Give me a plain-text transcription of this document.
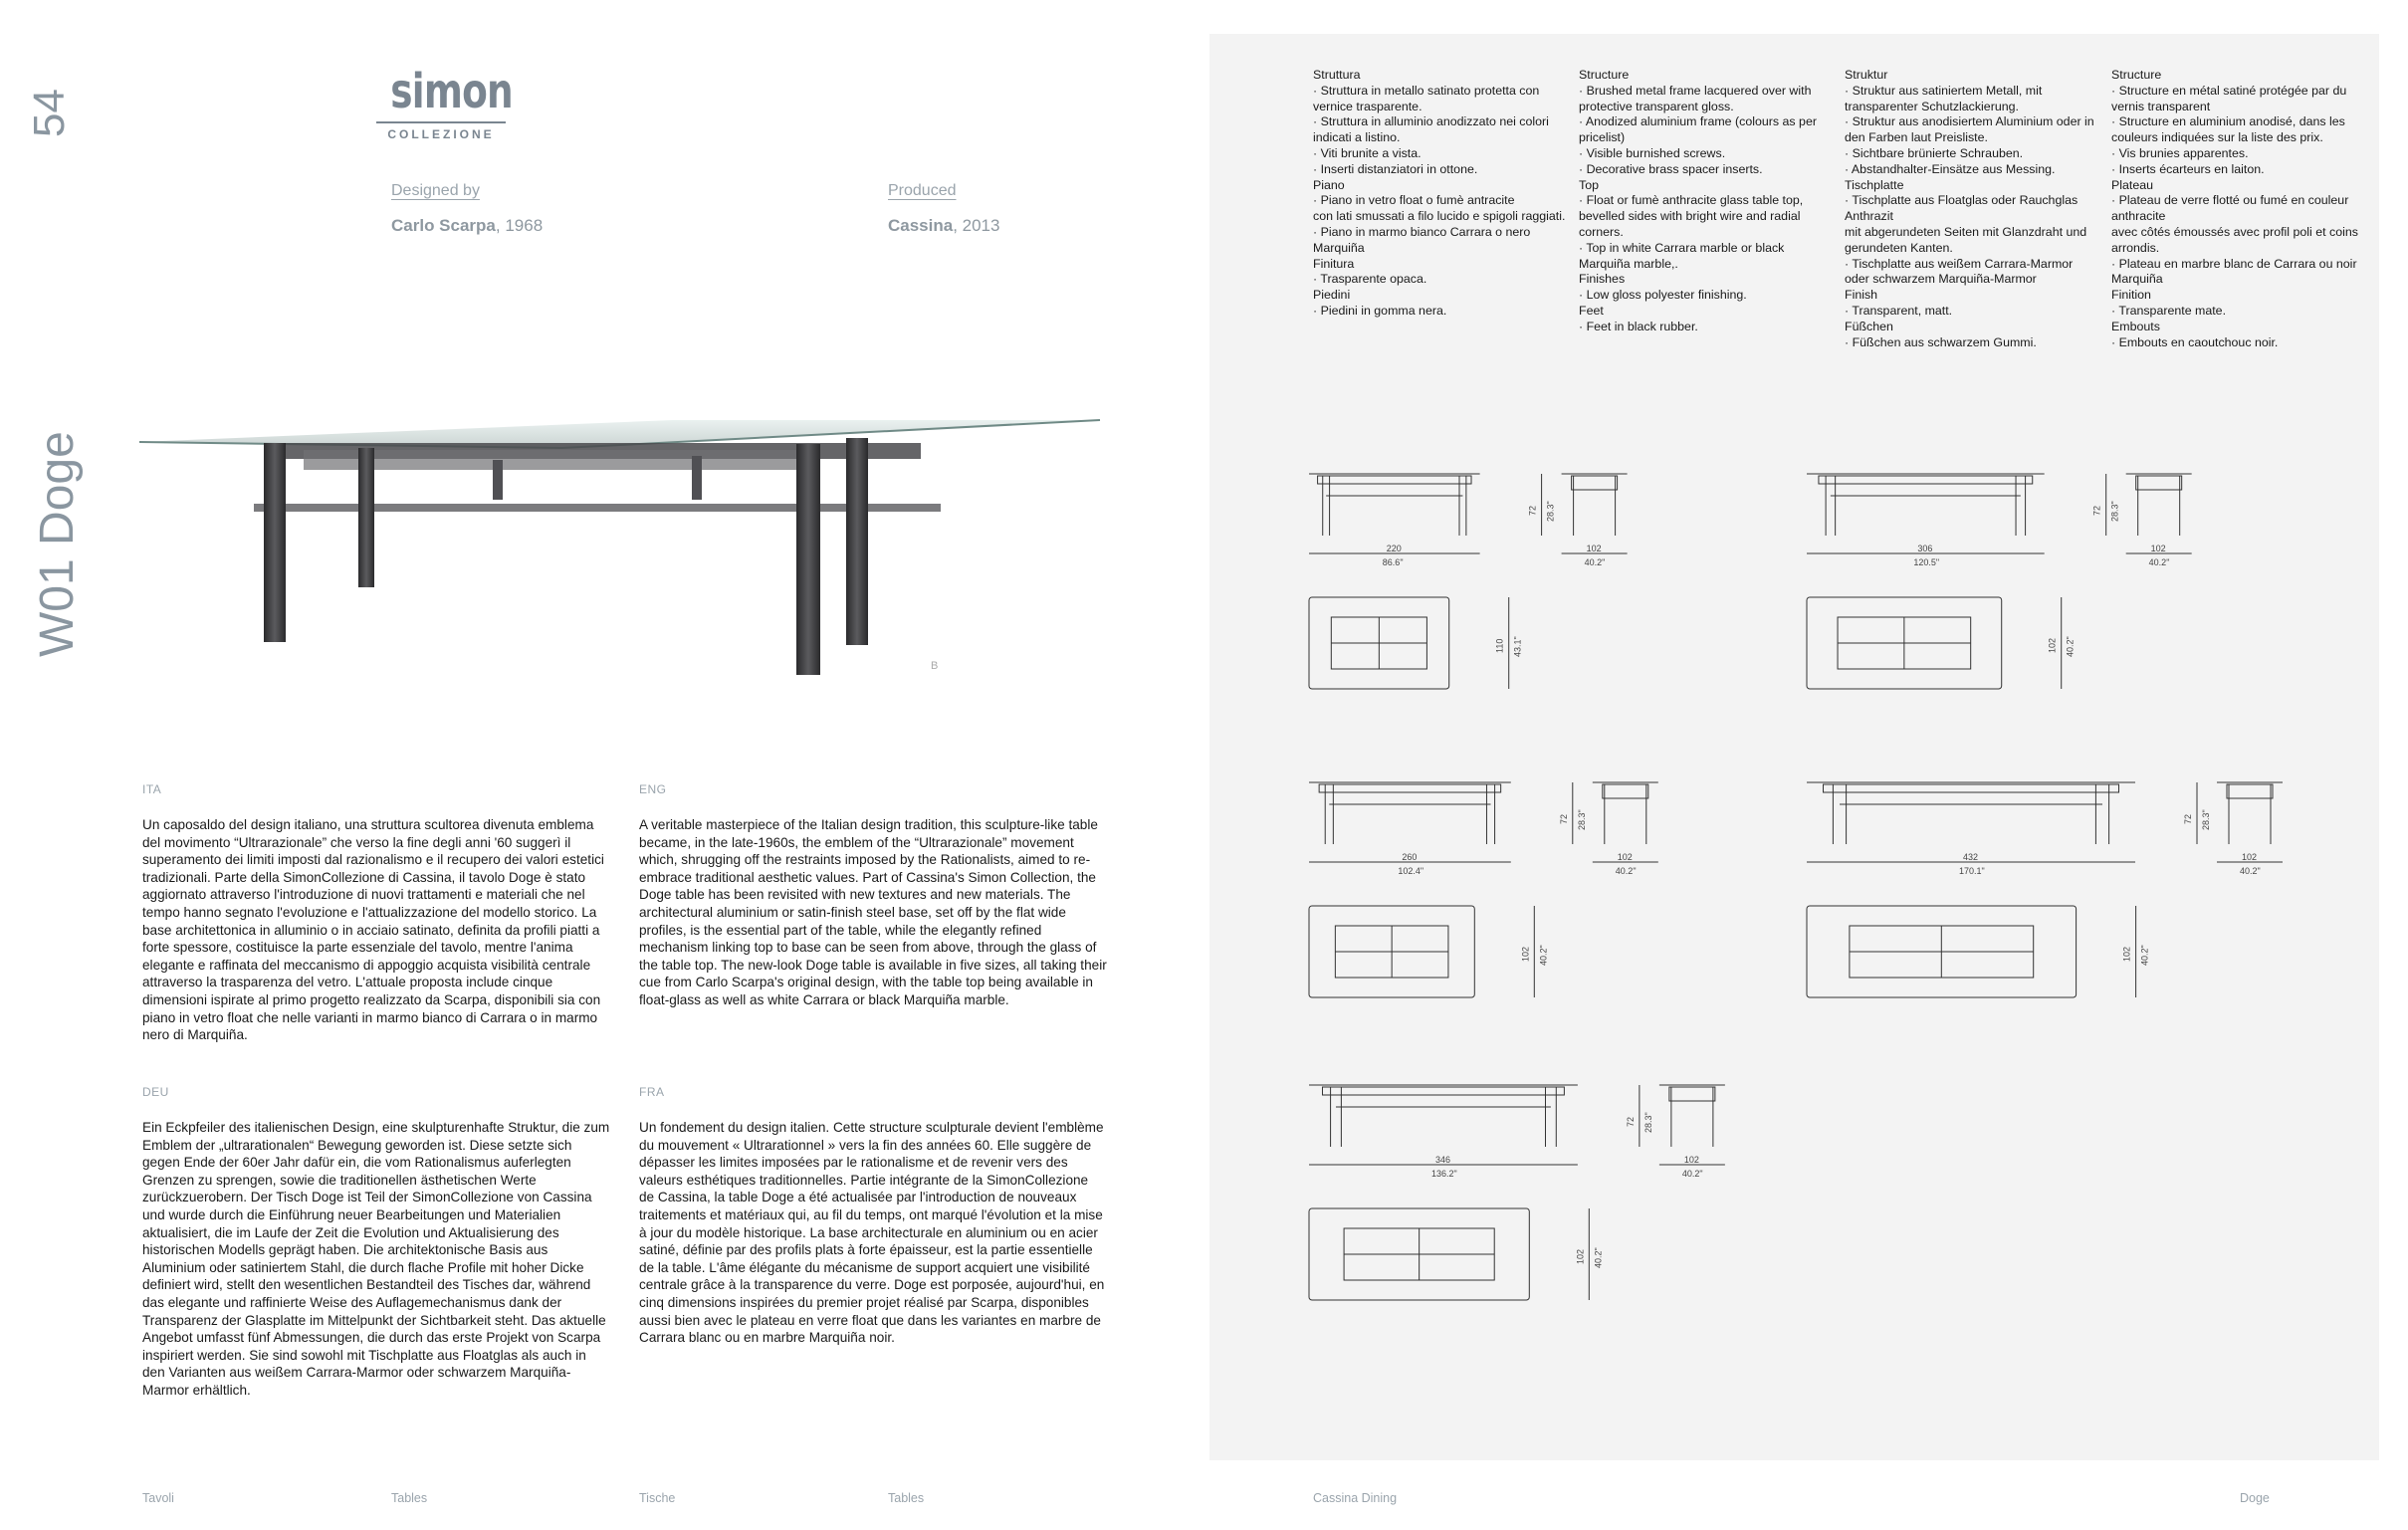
54
W01 Doge
simon
COLLEZIONE
Designed by
Carlo Scarpa, 1968
Produced
Cassina, 2013
B
ITA
Un caposaldo del design italiano, una struttura scultorea divenuta emblema del movimento “Ultrarazionale” che verso la fine degli anni '60 suggerì il superamento dei limiti imposti dal razionalismo e il recupero dei valori estetici tradizionali. Parte della SimonCollezione di Cassina, il tavolo Doge è stato aggiornato attraverso l'introduzione di nuovi trattamenti e materiali che nel tempo hanno segnato l'evoluzione e l'attualizzazione del modello storico. La base architettonica in alluminio o in acciaio satinato, definita da profili piatti a forte spessore, costituisce la parte essenziale del tavolo, mentre l'anima elegante e raffinata del meccanismo di appoggio acquista visibilità centrale attraverso la trasparenza del vetro. L'attuale proposta include cinque dimensioni ispirate al primo progetto realizzato da Scarpa, disponibili sia con piano in vetro float che nelle varianti in marmo bianco di Carrara o in marmo nero di Marquiña.
ENG
A veritable masterpiece of the Italian design tradition, this sculpture-like table became, in the late-1960s, the emblem of the “Ultrarazionale” movement which, shrugging off the restraints imposed by the Rationalists, aimed to re-embrace traditional aesthetic values. Part of Cassina's Simon Collection, the Doge table has been revisited with new textures and new materials. The architectural aluminium or satin-finish steel base, set off by the flat wide profiles, is the essential part of the table, while the elegantly refined mechanism linking top to base can be seen from above, through the glass of the table top. The new-look Doge table is available in five sizes, all taking their cue from Carlo Scarpa's original design, with the table top being available in float-glass as well as white Carrara or black Marquiña marble.
DEU
Ein Eckpfeiler des italienischen Design, eine skulpturenhafte Struktur, die zum Emblem der „ultrarationalen“ Bewegung geworden ist. Diese setzte sich gegen Ende der 60er Jahr dafür ein, die vom Rationalismus auferlegten Grenzen zu sprengen, sowie die traditionellen ästhetischen Werte zurückzuerobern. Der Tisch Doge ist Teil der SimonCollezione von Cassina und wurde durch die Einführung neuer Bearbeitungen und Materialien aktualisiert, die im Laufe der Zeit die Evolution und Aktualisierung des historischen Modells geprägt haben. Die architektonische Basis aus Aluminium oder satiniertem Stahl, die durch flache Profile mit hoher Dicke definiert wird, stellt den wesentlichen Bestandteil des Tisches dar, während das elegante und raffinierte Weise des Auflagemechanismus dank der Transparenz der Glasplatte im Mittelpunkt der Sichtbarkeit steht. Das aktuelle Angebot umfasst fünf Abmessungen, die durch das erste Projekt von Scarpa inspiriert werden. Sie sind sowohl mit Tischplatte aus Floatglas als auch in den Varianten aus weißem Carrara-Marmor oder schwarzem Marquiña-Marmor erhältlich.
FRA
Un fondement du design italien. Cette structure sculpturale devient l'emblème du mouvement « Ultrarationnel » vers la fin des années 60. Elle suggère de dépasser les limites imposées par le rationalisme et de revenir vers des valeurs esthétiques traditionnelles. Partie intégrante de la SimonCollezione de Cassina, la table Doge a été actualisée par l'introduction de nouveaux traitements et matériaux qui, au fil du temps, ont marqué l'évolution et la mise à jour du modèle historique. La base architecturale en aluminium ou en acier satiné, définie par des profils plats à forte épaisseur, est la partie essentielle de la table. L'âme élégante du mécanisme de support acquiert une visibilité centrale grâce à la transparence du verre. Doge est porposée, aujourd'hui, en cinq dimensions inspirées du premier projet réalisé par Scarpa, disponibles aussi bien avec le plateau en verre float que dans les variantes en marbre de Carrara blanc ou en marbre Marquiña noir.
Struttura
· Struttura in metallo satinato protetta con vernice trasparente.
· Struttura in alluminio anodizzato nei colori indicati a listino.
· Viti brunite a vista.
· Inserti distanziatori in ottone.
Piano
· Piano in vetro float o fumè antracite
con lati smussati a filo lucido e spigoli raggiati.
· Piano in marmo bianco Carrara o nero Marquiña
Finitura
· Trasparente opaca.
Piedini
· Piedini in gomma nera.
Structure
· Brushed metal frame lacquered over with protective transparent gloss.
· Anodized aluminium frame (colours as per pricelist)
· Visible burnished screws.
· Decorative brass spacer inserts.
Top
· Float or fumè anthracite glass table top, bevelled sides with bright wire and radial corners.
· Top in white Carrara marble or black Marquiña marble,.
Finishes
· Low gloss polyester finishing.
Feet
· Feet in black rubber.
Struktur
· Struktur aus satiniertem Metall, mit transparenter Schutzlackierung.
· Struktur aus anodisiertem Aluminium oder in den Farben laut Preisliste.
· Sichtbare brünierte Schrauben.
· Abstandhalter-Einsätze aus Messing.
Tischplatte
· Tischplatte aus Floatglas oder Rauchglas Anthrazit
mit abgerundeten Seiten mit Glanzdraht und gerundeten Kanten.
· Tischplatte aus weißem Carrara-Marmor oder schwarzem Marquiña-Marmor
Finish
· Transparent, matt.
Füßchen
· Füßchen aus schwarzem Gummi.
Structure
· Structure en métal satiné protégée par du vernis transparent
· Structure en aluminium anodisé, dans les couleurs indiquées sur la liste des prix.
· Vis brunies apparentes.
· Inserts écarteurs en laiton.
Plateau
· Plateau de verre flotté ou fumé en couleur anthracite
avec côtés émoussés avec profil poli et coins arrondis.
· Plateau en marbre blanc de Carrara ou noir Marquiña
Finition
· Transparente mate.
Embouts
· Embouts en caoutchouc noir.
72 28.3"
220
86.6"
102
40.2"
110 43.1"
72 28.3"
306
120.5"
102
40.2"
102 40.2"
72 28.3"
260
102.4"
102
40.2"
102 40.2"
72 28.3"
432
170.1"
102
40.2"
102 40.2"
72 28.3"
346
136.2"
102
40.2"
102 40.2"
Tavoli	Tables	Tische	Tables	Cassina Dining	Doge
